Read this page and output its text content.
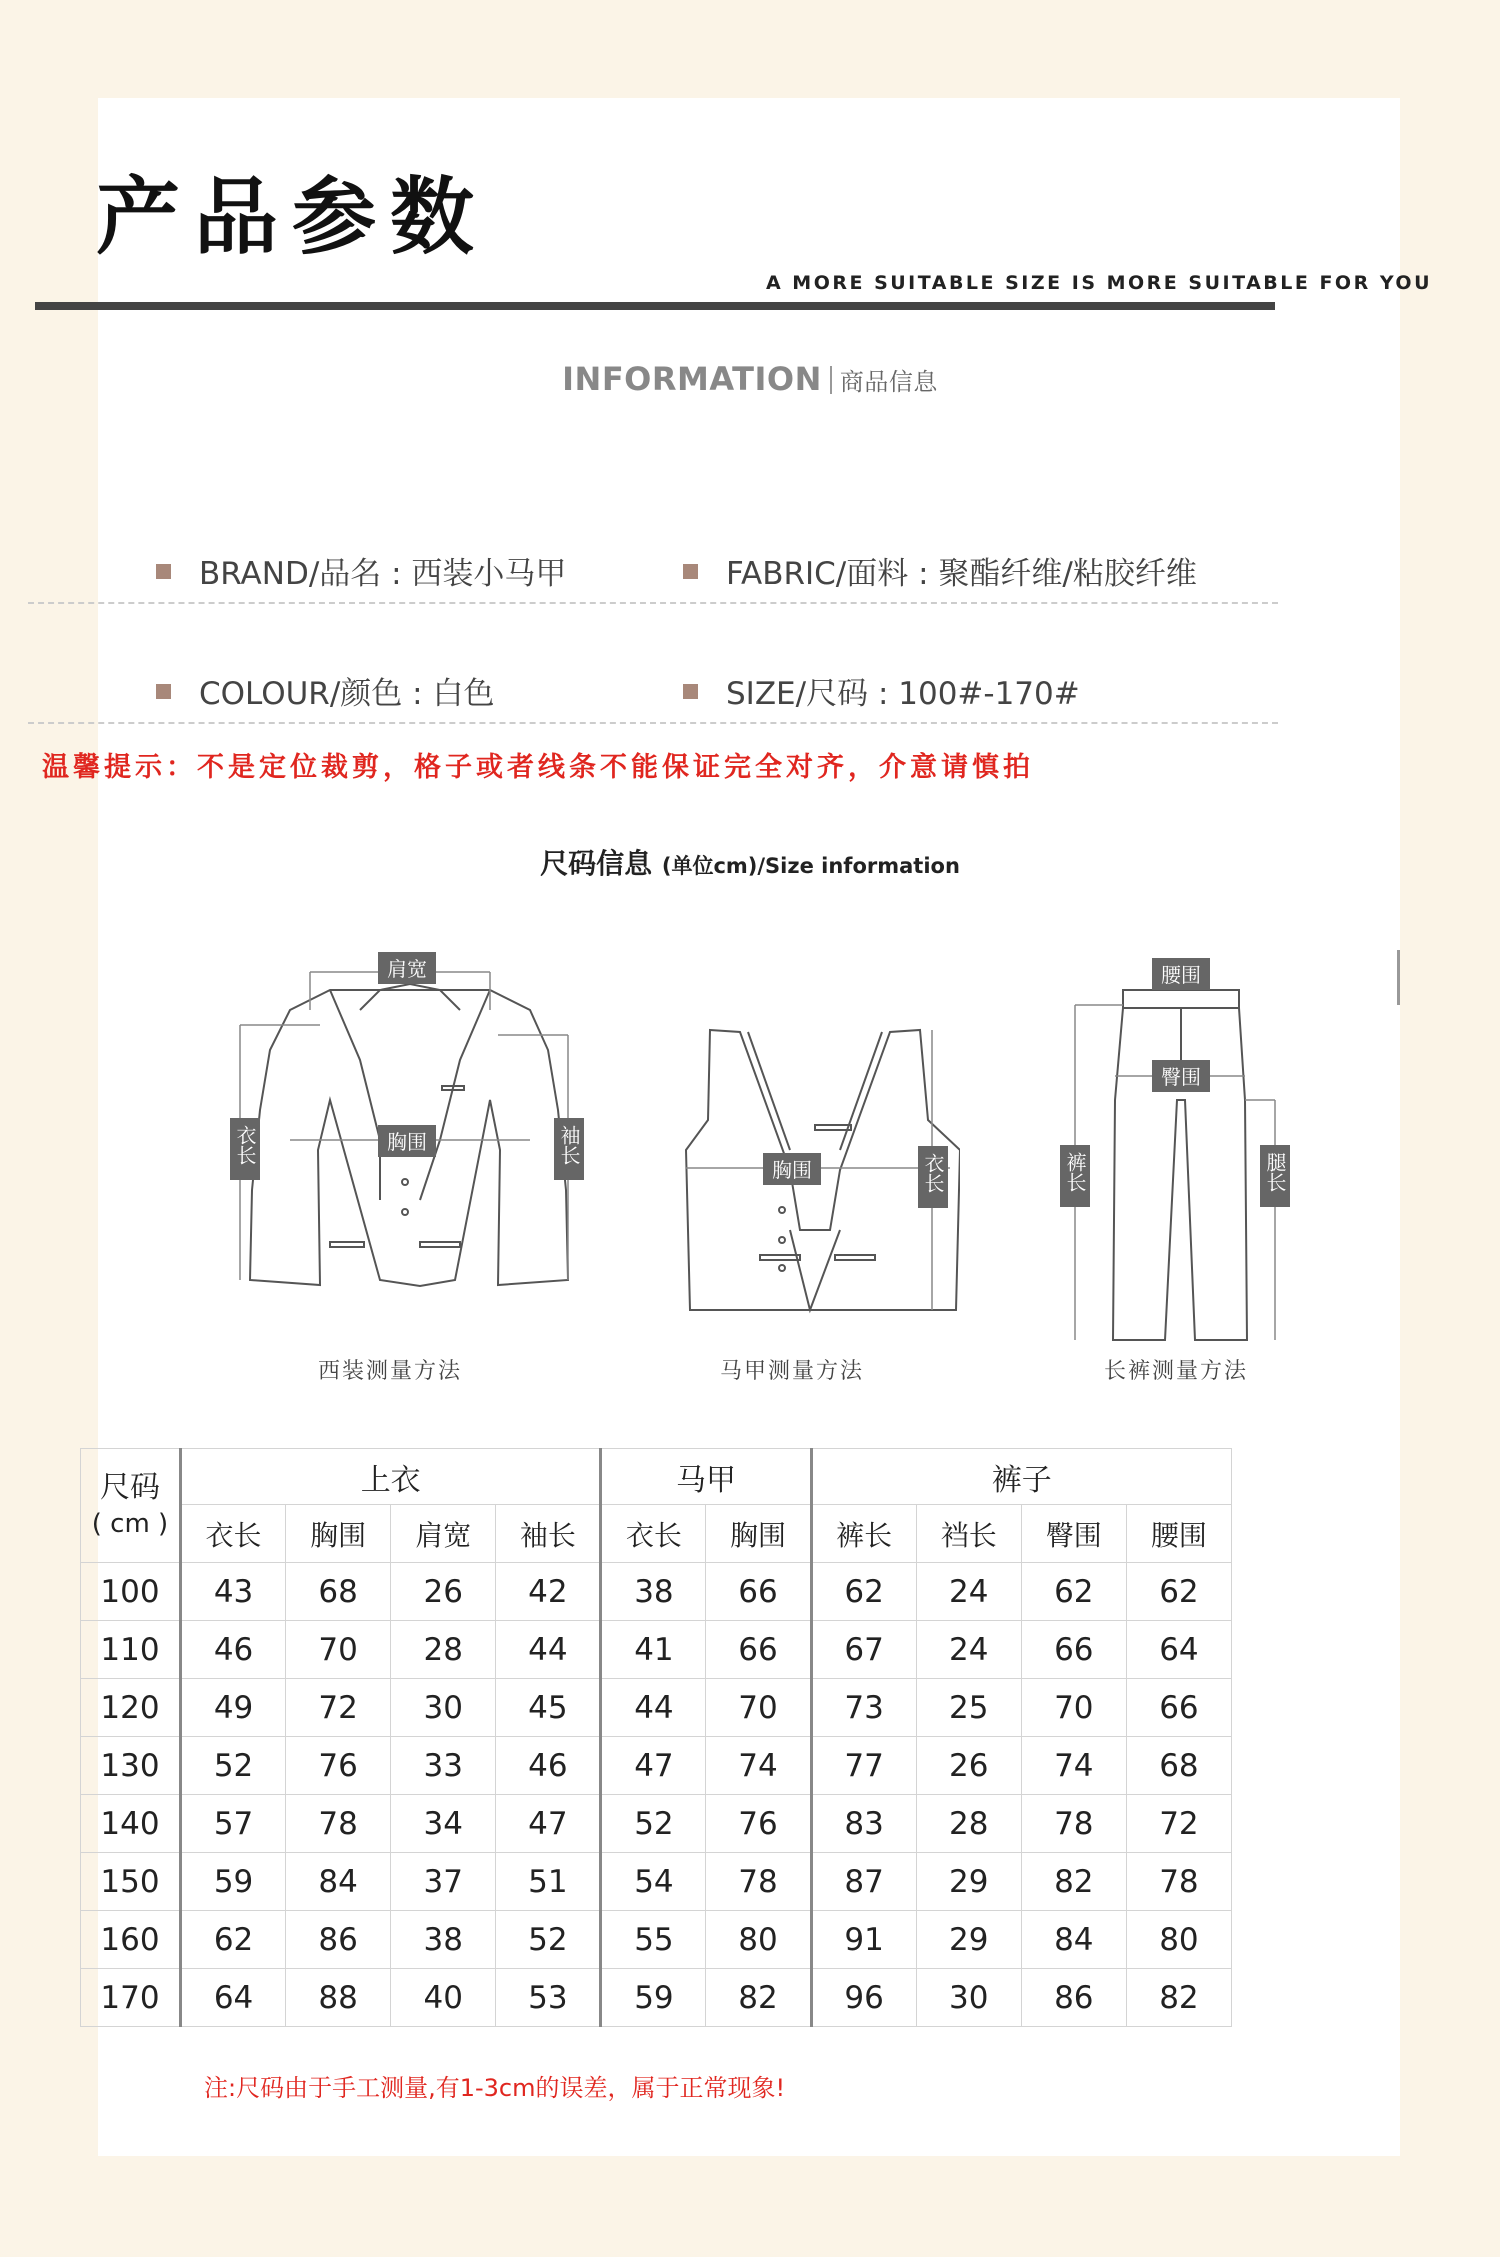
产品参数
A MORE SUITABLE SIZE IS MORE SUITABLE FOR YOU
INFORMATION 商品信息
BRAND/品名 : 西装小马甲	FABRIC/面料 : 聚酯纤维/粘胶纤维
COLOUR/颜色 : 白色	SIZE/尺码 : 100#-170#
温馨提示：不是定位裁剪，格子或者线条不能保证完全对齐，介意请慎拍
尺码信息 (单位cm)/Size information
肩宽
胸围
衣长	袖长
西装测量方法
胸围	衣长
马甲测量方法
腰围
臀围
裤长	腿长
长裤测量方法
尺码
( cm )	上衣				马甲		裤子			
	衣长	胸围	肩宽	袖长	衣长	胸围	裤长	裆长	臀围	腰围
100	43	68	26	42	38	66	62	24	62	62
110	46	70	28	44	41	66	67	24	66	64
120	49	72	30	45	44	70	73	25	70	66
130	52	76	33	46	47	74	77	26	74	68
140	57	78	34	47	52	76	83	28	78	72
150	59	84	37	51	54	78	87	29	82	78
160	62	86	38	52	55	80	91	29	84	80
170	64	88	40	53	59	82	96	30	86	82
注:尺码由于手工测量,有1-3cm的误差，属于正常现象!
